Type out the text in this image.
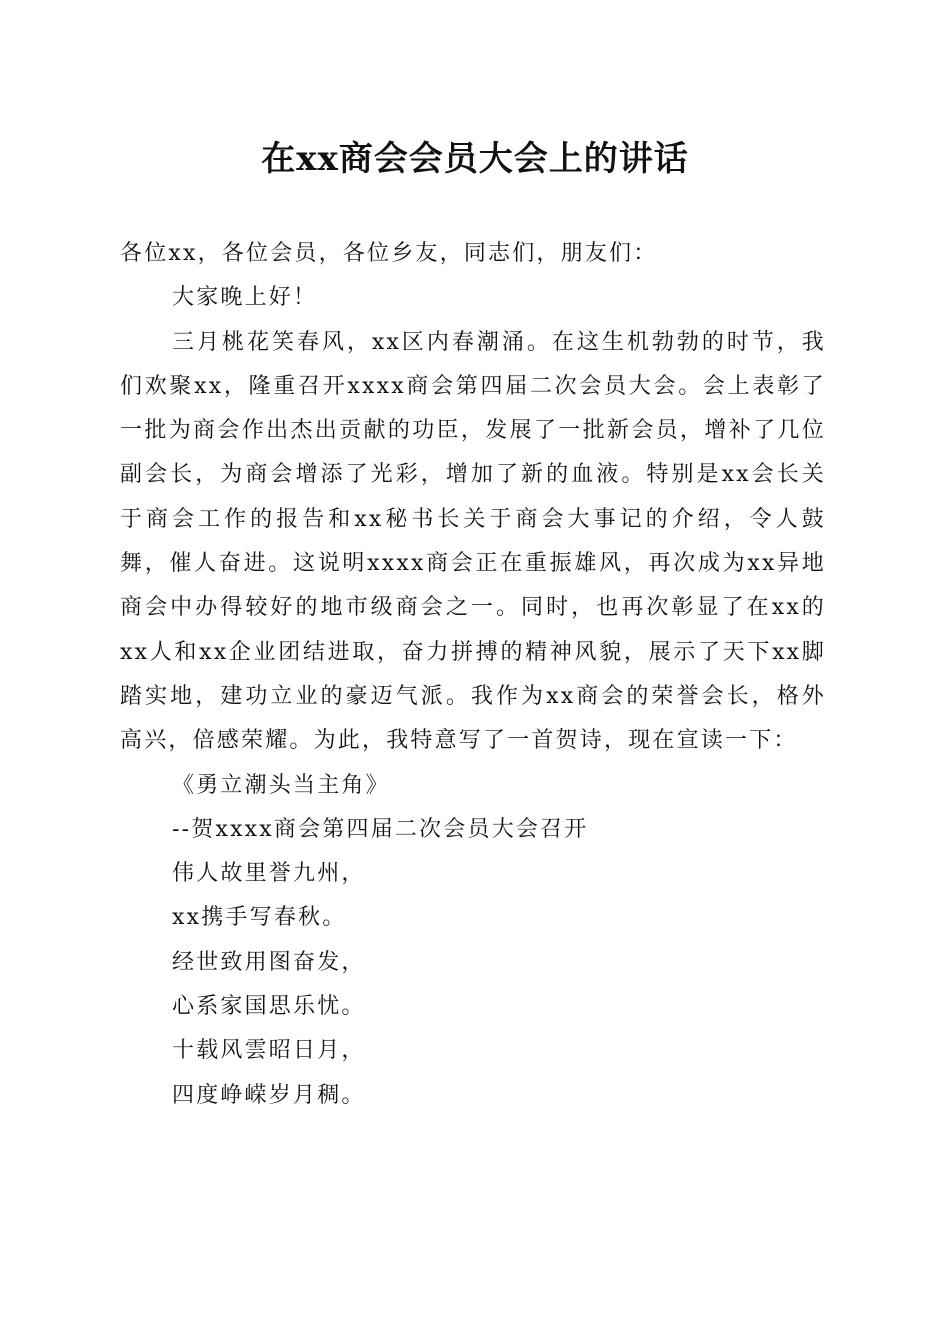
在xx商会会员大会上的讲话

各位xx，各位会员，各位乡友，同志们，朋友们：

大家晚上好！

三月桃花笑春风，xx区内春潮涌。在这生机勃勃的时节，我们欢聚xx，隆重召开xxxx商会第四届二次会员大会。会上表彰了一批为商会作出杰出贡献的功臣，发展了一批新会员，增补了几位副会长，为商会增添了光彩，增加了新的血液。特别是xx会长关于商会工作的报告和xx秘书长关于商会大事记的介绍，令人鼓舞，催人奋进。这说明xxxx商会正在重振雄风，再次成为xx异地商会中办得较好的地市级商会之一。同时，也再次彰显了在xx的xx人和xx企业团结进取，奋力拼搏的精神风貌，展示了天下xx脚踏实地，建功立业的豪迈气派。我作为xx商会的荣誉会长，格外高兴，倍感荣耀。为此，我特意写了一首贺诗，现在宣读一下：

《勇立潮头当主角》

--贺xxxx商会第四届二次会员大会召开

伟人故里誉九州，

xx携手写春秋。

经世致用图奋发，

心系家国思乐忧。

十载风雲昭日月，

四度峥嵘岁月稠。
